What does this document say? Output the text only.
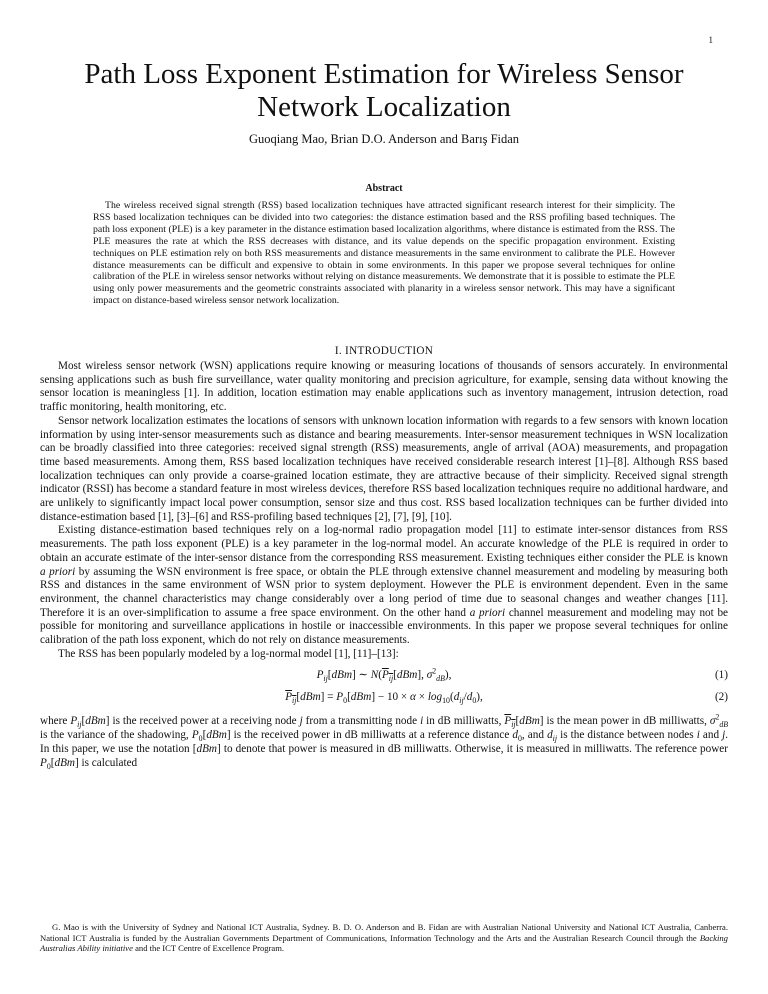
1
Path Loss Exponent Estimation for Wireless Sensor Network Localization
Guoqiang Mao, Brian D.O. Anderson and Barış Fidan
Abstract

The wireless received signal strength (RSS) based localization techniques have attracted significant research interest for their simplicity. The RSS based localization techniques can be divided into two categories: the distance estimation based and the RSS profiling based techniques. The path loss exponent (PLE) is a key parameter in the distance estimation based localization algorithms, where distance is estimated from the RSS. The PLE measures the rate at which the RSS decreases with distance, and its value depends on the specific propagation environment. Existing techniques on PLE estimation rely on both RSS measurements and distance measurements in the same environment to calibrate the PLE. However distance measurements can be difficult and expensive to obtain in some environments. In this paper we propose several techniques for online calibration of the PLE in wireless sensor networks without relying on distance measurements. We demonstrate that it is possible to estimate the PLE using only power measurements and the geometric constraints associated with planarity in a wireless sensor network. This may have a significant impact on distance-based wireless sensor network localization.

I. INTRODUCTION

Most wireless sensor network (WSN) applications require knowing or measuring locations of thousands of sensors accurately. In environmental sensing applications such as bush fire surveillance, water quality monitoring and precision agriculture, for example, sensing data without knowing the sensor location is meaningless [1]. In addition, location estimation may enable applications such as inventory management, intrusion detection, road traffic monitoring, health monitoring, etc.

Sensor network localization estimates the locations of sensors with unknown location information with regards to a few sensors with known location information by using inter-sensor measurements such as distance and bearing measurements. Inter-sensor measurement techniques in WSN localization can be broadly classified into three categories: received signal strength (RSS) measurements, angle of arrival (AOA) measurements, and propagation time based measurements. Among them, RSS based localization techniques have received considerable research interest [1]–[8]. Although RSS based localization techniques can only provide a coarse-grained location estimate, they are attractive because of their simplicity. Received signal strength indicator (RSSI) has become a standard feature in most wireless devices, therefore RSS based localization techniques require no additional hardware, and are unlikely to significantly impact local power consumption, sensor size and thus cost. RSS based localization techniques can be further divided into distance-estimation based [1], [3]–[6] and RSS-profiling based techniques [2], [7], [9], [10].

Existing distance-estimation based techniques rely on a log-normal radio propagation model [11] to estimate inter-sensor distances from RSS measurements. The path loss exponent (PLE) is a key parameter in the log-normal model. An accurate knowledge of the PLE is required in order to obtain an accurate estimate of the inter-sensor distance from the corresponding RSS measurement. Existing techniques either consider the PLE is known a priori by assuming the WSN environment is free space, or obtain the PLE through extensive channel measurement and modeling by measuring both RSS and distances in the same environment of WSN prior to system deployment. However the PLE is environment dependent. Even in the same environment, the channel characteristics may change considerably over a long period of time due to seasonal changes and weather changes [11]. Therefore it is an over-simplification to assume a free space environment. On the other hand a priori channel measurement and modeling may not be possible for monitoring and surveillance applications in hostile or inaccessible environments. In this paper we propose several techniques for online calibration of the path loss exponent, which do not rely on distance measurements.

The RSS has been popularly modeled by a log-normal model [1], [11]–[13]:

$P_{ij}[dBm]$ ∼ $N(P_{ij}[dBm]$, $\sigma^2_{dB}$),	(1)
$P_{ij}[dBm] = P_0[dBm] - 10 \times \alpha \times \log_{10}(d_{ij}/d_0)$,	(2)

where $P_{ij}[dBm]$ is the received power at a receiving node j from a transmitting node i in dB milliwatts, $P_{ij}[dBm]$ is the mean power in dB milliwatts, $\sigma^2_{dB}$ is the variance of the shadowing, $P_0[dBm]$ is the received power in dB milliwatts at a reference distance $d_0$, and $d_{ij}$ is the distance between nodes i and j. In this paper, we use the notation [dBm] to denote that power is measured in dB milliwatts. Otherwise, it is measured in milliwatts. The reference power $P_0[dBm]$ is calculated

G. Mao is with the University of Sydney and National ICT Australia, Sydney. B. D. O. Anderson and B. Fidan are with Australian National University and National ICT Australia, Canberra. National ICT Australia is funded by the Australian Governments Department of Communications, Information Technology and the Arts and the Australian Research Council through the Backing Australias Ability initiative and the ICT Centre of Excellence Program.
